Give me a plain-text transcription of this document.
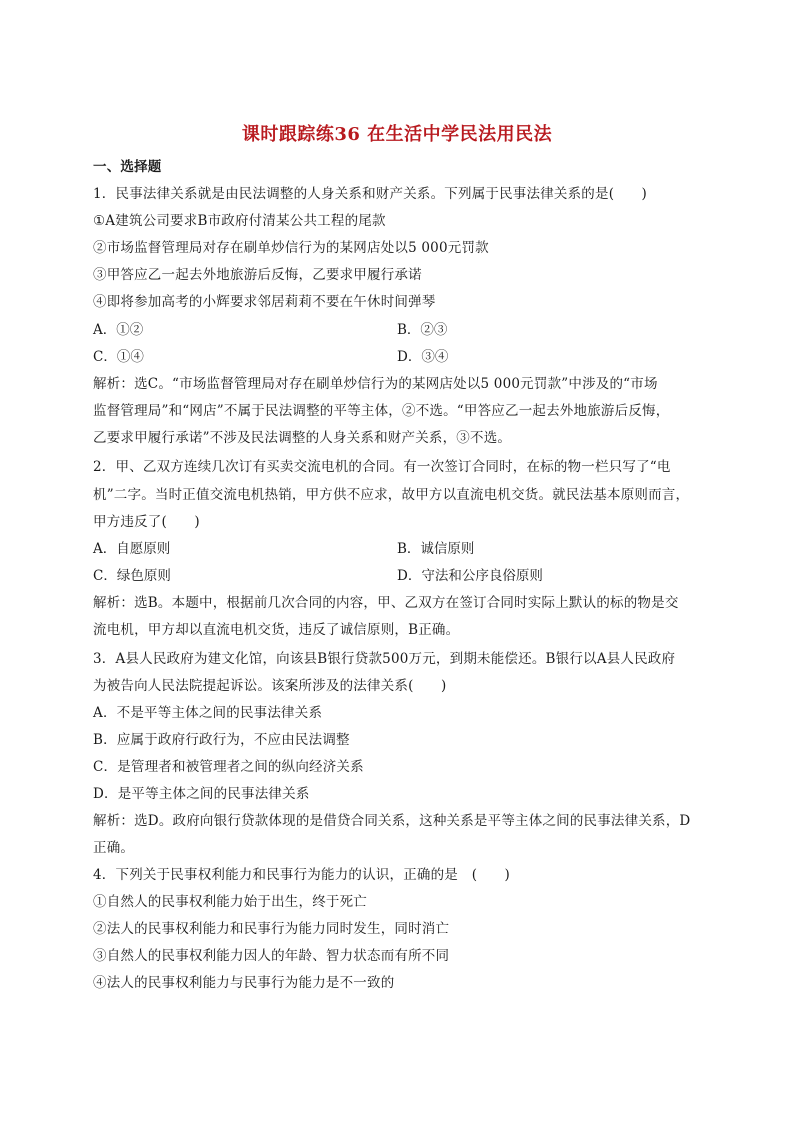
课时跟踪练36 在生活中学民法用民法
一、选择题
1．民事法律关系就是由民法调整的人身关系和财产关系。下列属于民事法律关系的是(　　)
①A建筑公司要求B市政府付清某公共工程的尾款
②市场监督管理局对存在刷单炒信行为的某网店处以5 000元罚款
③甲答应乙一起去外地旅游后反悔，乙要求甲履行承诺
④即将参加高考的小辉要求邻居莉莉不要在午休时间弹琴
A．①②	B．②③
C．①④	D．③④
解析：选C。“市场监督管理局对存在刷单炒信行为的某网店处以5 000元罚款”中涉及的“市场
监督管理局”和“网店”不属于民法调整的平等主体，②不选。“甲答应乙一起去外地旅游后反悔，
乙要求甲履行承诺”不涉及民法调整的人身关系和财产关系，③不选。
2．甲、乙双方连续几次订有买卖交流电机的合同。有一次签订合同时，在标的物一栏只写了“电
机”二字。当时正值交流电机热销，甲方供不应求，故甲方以直流电机交货。就民法基本原则而言，
甲方违反了(　　)
A．自愿原则	B．诚信原则
C．绿色原则	D．守法和公序良俗原则
解析：选B。本题中，根据前几次合同的内容，甲、乙双方在签订合同时实际上默认的标的物是交
流电机，甲方却以直流电机交货，违反了诚信原则，B正确。
3．A县人民政府为建文化馆，向该县B银行贷款500万元，到期未能偿还。B银行以A县人民政府
为被告向人民法院提起诉讼。该案所涉及的法律关系(　　)
A．不是平等主体之间的民事法律关系
B．应属于政府行政行为，不应由民法调整
C．是管理者和被管理者之间的纵向经济关系
D．是平等主体之间的民事法律关系
解析：选D。政府向银行贷款体现的是借贷合同关系，这种关系是平等主体之间的民事法律关系，D
正确。
4．下列关于民事权利能力和民事行为能力的认识，正确的是　(　　)
①自然人的民事权利能力始于出生，终于死亡
②法人的民事权利能力和民事行为能力同时发生，同时消亡
③自然人的民事权利能力因人的年龄、智力状态而有所不同
④法人的民事权利能力与民事行为能力是不一致的
